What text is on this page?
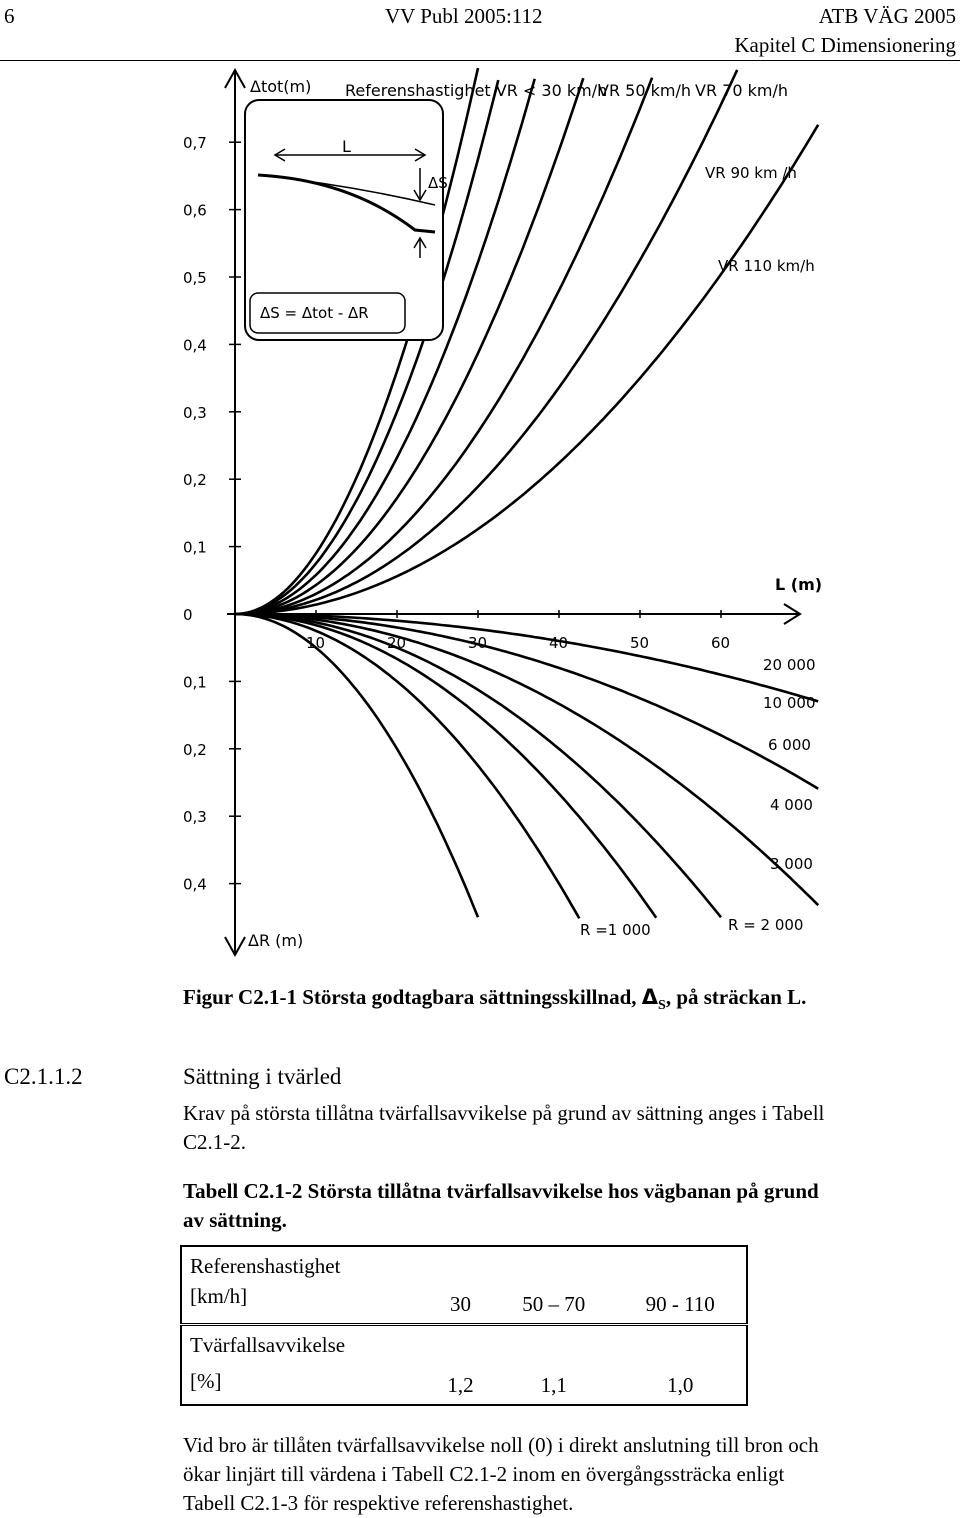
6	VV Publ 2005:112	ATB VÄG 2005
Kapitel C Dimensionering
0,7
0,6
0,5
0,4
0,3
0,2
0,1
0
0,1
0,2
0,3
0,4
10	20	30	40	50	60
Δtot(m)
ΔR (m)
L (m)
Referenshastighet VR < 30 km/h
VR 50 km/h VR 70 km/h
VR 90 km /h
VR 110 km/h
20 000
10 000
6 000
4 000
3 000
R = 2 000
R =1 000
L
ΔS
ΔS = Δtot - ΔR
Figur C2.1-1 Största godtagbara sättningsskillnad, $\Delta_S$, på sträckan L.
C2.1.1.2	Sättning i tvärled
Krav på största tillåtna tvärfallsavvikelse på grund av sättning anges i Tabell
C2.1-2.
Tabell C2.1-2 Största tillåtna tvärfallsavvikelse hos vägbanan på grund
av sättning.
Referenshastighet
[km/h]	30	50 – 70	90 - 110

Tvärfallsavvikelse
[%]	1,2	1,1	1,0
Vid bro är tillåten tvärfallsavvikelse noll (0) i direkt anslutning till bron och
ökar linjärt till värdena i Tabell C2.1-2 inom en övergångssträcka enligt
Tabell C2.1-3 för respektive referenshastighet.
